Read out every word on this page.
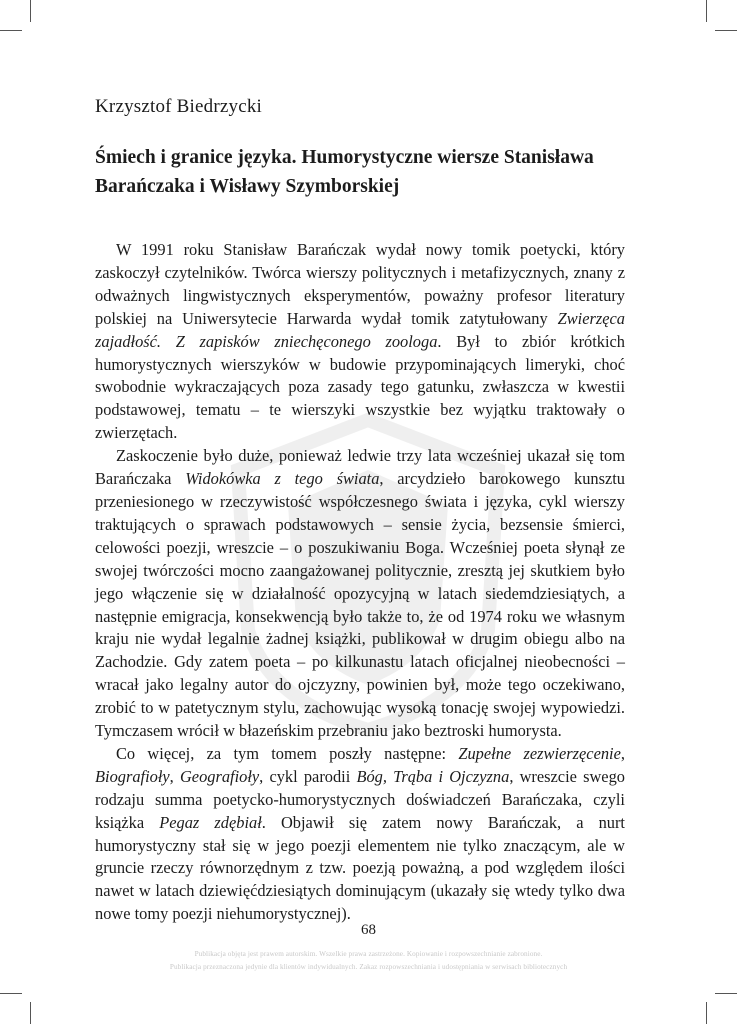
Krzysztof Biedrzycki
Śmiech i granice języka. Humorystyczne wiersze Stanisława Barańczaka i Wisławy Szymborskiej

W 1991 roku Stanisław Barańczak wydał nowy tomik poetycki, który zaskoczył czytelników. Twórca wierszy politycznych i metafizycznych, znany z odważnych lingwistycznych eksperymentów, poważny profesor literatury polskiej na Uniwersytecie Harwarda wydał tomik zatytułowany Zwierzęca zajadłość. Z zapisków zniechęconego zoologa. Był to zbiór krótkich humorystycznych wierszyków w budowie przypominających limeryki, choć swobodnie wykraczających poza zasady tego gatunku, zwłaszcza w kwestii podstawowej, tematu – te wierszyki wszystkie bez wyjątku traktowały o zwierzętach.

Zaskoczenie było duże, ponieważ ledwie trzy lata wcześniej ukazał się tom Barańczaka Widokówka z tego świata, arcydzieło barokowego kunsztu przeniesionego w rzeczywistość współczesnego świata i języka, cykl wierszy traktujących o sprawach podstawowych – sensie życia, bezsensie śmierci, celowości poezji, wreszcie – o poszukiwaniu Boga. Wcześniej poeta słynął ze swojej twórczości mocno zaangażowanej politycznie, zresztą jej skutkiem było jego włączenie się w działalność opozycyjną w latach siedemdziesiątych, a następnie emigracja, konsekwencją było także to, że od 1974 roku we własnym kraju nie wydał legalnie żadnej książki, publikował w drugim obiegu albo na Zachodzie. Gdy zatem poeta – po kilkunastu latach oficjalnej nieobecności – wracał jako legalny autor do ojczyzny, powinien był, może tego oczekiwano, zrobić to w patetycznym stylu, zachowując wysoką tonację swojej wypowiedzi. Tymczasem wrócił w błazeńskim przebraniu jako beztroski humorysta.

Co więcej, za tym tomem poszły następne: Zupełne zezwierzęcenie, Biografioły, Geografioły, cykl parodii Bóg, Trąba i Ojczyzna, wreszcie swego rodzaju summa poetycko-humorystycznych doświadczeń Barańczaka, czyli książka Pegaz zdębiał. Objawił się zatem nowy Barańczak, a nurt humorystyczny stał się w jego poezji elementem nie tylko znaczącym, ale w gruncie rzeczy równorzędnym z tzw. poezją poważną, a pod względem ilości nawet w latach dziewięćdziesiątych dominującym (ukazały się wtedy tylko dwa nowe tomy poezji niehumorystycznej).

68
Publikacja objęta jest prawem autorskim. Wszelkie prawa zastrzeżone. Kopiowanie i rozpowszechnianie zabronione.
Publikacja przeznaczona jedynie dla klientów indywidualnych. Zakaz rozpowszechniania i udostępniania w serwisach bibliotecznych
